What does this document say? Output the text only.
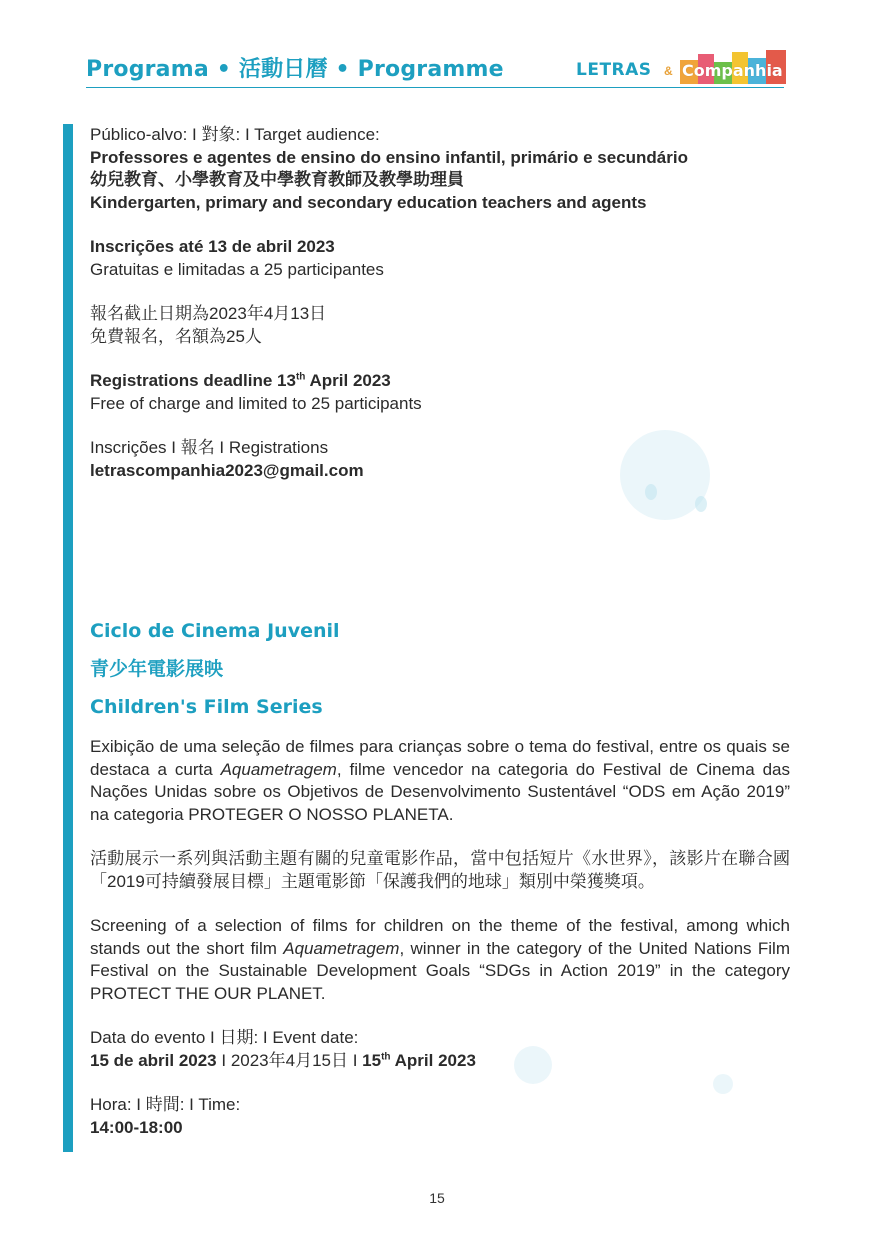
Programa • 活動日曆 • Programme	LETRAS & Companhia

Público-alvo: I 對象: I Target audience:

Professores e agentes de ensino do ensino infantil, primário e secundário

幼兒教育、小學教育及中學教育教師及教學助理員

Kindergarten, primary and secondary education teachers and agents

Inscrições até 13 de abril 2023

Gratuitas e limitadas a 25 participantes

報名截止日期為2023年4月13日

免費報名，名額為25人

Registrations deadline 13th April 2023

Free of charge and limited to 25 participants

Inscrições I 報名 I Registrations

letrascompanhia2023@gmail.com

Ciclo de Cinema Juvenil

青少年電影展映

Children's Film Series

Exibição de uma seleção de filmes para crianças sobre o tema do festival, entre os quais se destaca a curta Aquametragem, filme vencedor na categoria do Festival de Cinema das Nações Unidas sobre os Objetivos de Desenvolvimento Sustentável “ODS em Ação 2019” na categoria PROTEGER O NOSSO PLANETA.

活動展示一系列與活動主題有關的兒童電影作品，當中包括短片《水世界》，該影片在聯合國「2019可持續發展目標」主題電影節「保護我們的地球」類別中榮獲獎項。

Screening of a selection of films for children on the theme of the festival, among which stands out the short film Aquametragem, winner in the category of the United Nations Film Festival on the Sustainable Development Goals “SDGs in Action 2019” in the category PROTECT THE OUR PLANET.

Data do evento I 日期: I Event date:

15 de abril 2023 I 2023年4月15日 I 15th April 2023

Hora: I 時間: I Time:

14:00-18:00

15
